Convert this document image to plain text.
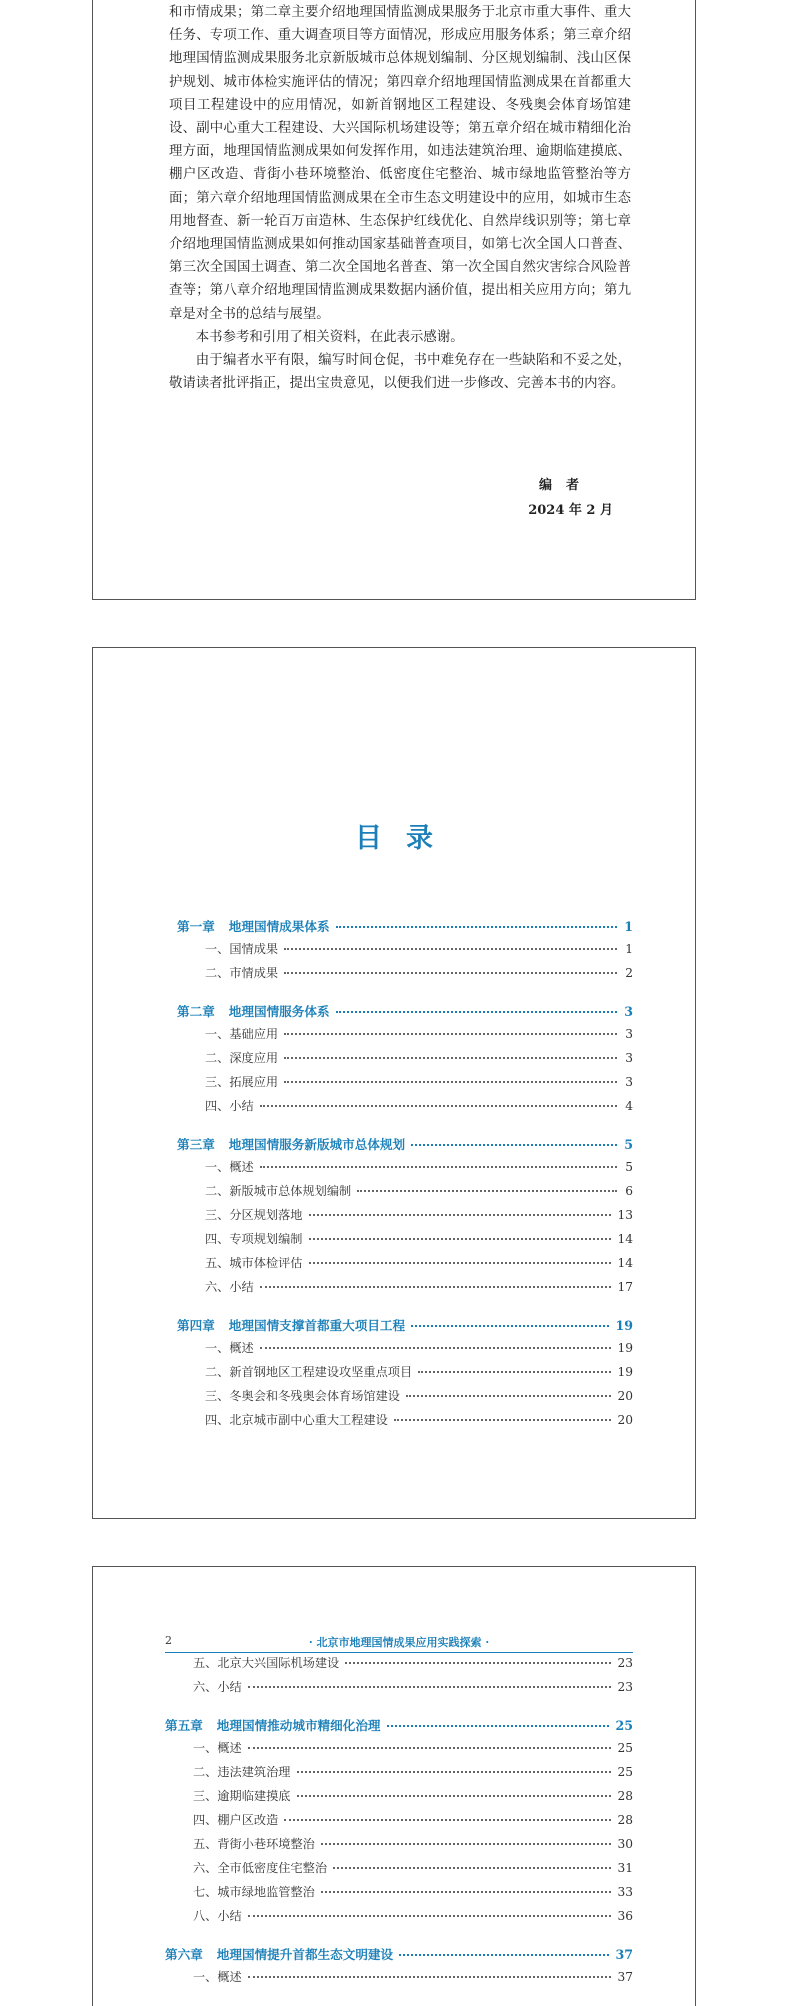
和市情成果；第二章主要介绍地理国情监测成果服务于北京市重大事件、重大任务、专项工作、重大调查项目等方面情况，形成应用服务体系；第三章介绍地理国情监测成果服务北京新版城市总体规划编制、分区规划编制、浅山区保护规划、城市体检实施评估的情况；第四章介绍地理国情监测成果在首都重大项目工程建设中的应用情况，如新首钢地区工程建设、冬残奥会体育场馆建设、副中心重大工程建设、大兴国际机场建设等；第五章介绍在城市精细化治理方面，地理国情监测成果如何发挥作用，如违法建筑治理、逾期临建摸底、棚户区改造、背街小巷环境整治、低密度住宅整治、城市绿地监管整治等方面；第六章介绍地理国情监测成果在全市生态文明建设中的应用，如城市生态用地督查、新一轮百万亩造林、生态保护红线优化、自然岸线识别等；第七章介绍地理国情监测成果如何推动国家基础普查项目，如第七次全国人口普查、第三次全国国土调查、第二次全国地名普查、第一次全国自然灾害综合风险普查等；第八章介绍地理国情监测成果数据内涵价值，提出相关应用方向；第九章是对全书的总结与展望。

本书参考和引用了相关资料，在此表示感谢。

由于编者水平有限，编写时间仓促，书中难免存在一些缺陷和不妥之处，敬请读者批评指正，提出宝贵意见，以便我们进一步修改、完善本书的内容。

编者
2024 年 2 月
目录
第一章 地理国情成果体系	1
一、国情成果	1
二、市情成果	2
第二章 地理国情服务体系	3
一、基础应用	3
二、深度应用	3
三、拓展应用	3
四、小结	4
第三章 地理国情服务新版城市总体规划	5
一、概述	5
二、新版城市总体规划编制	6
三、分区规划落地	13
四、专项规划编制	14
五、城市体检评估	14
六、小结	17
第四章 地理国情支撑首都重大项目工程	19
一、概述	19
二、新首钢地区工程建设攻坚重点项目	19
三、冬奥会和冬残奥会体育场馆建设	20
四、北京城市副中心重大工程建设	20
2	· 北京市地理国情成果应用实践探索 ·
五、北京大兴国际机场建设	23
六、小结	23
第五章 地理国情推动城市精细化治理	25
一、概述	25
二、违法建筑治理	25
三、逾期临建摸底	28
四、棚户区改造	28
五、背街小巷环境整治	30
六、全市低密度住宅整治	31
七、城市绿地监管整治	33
八、小结	36
第六章 地理国情提升首都生态文明建设	37
一、概述	37
